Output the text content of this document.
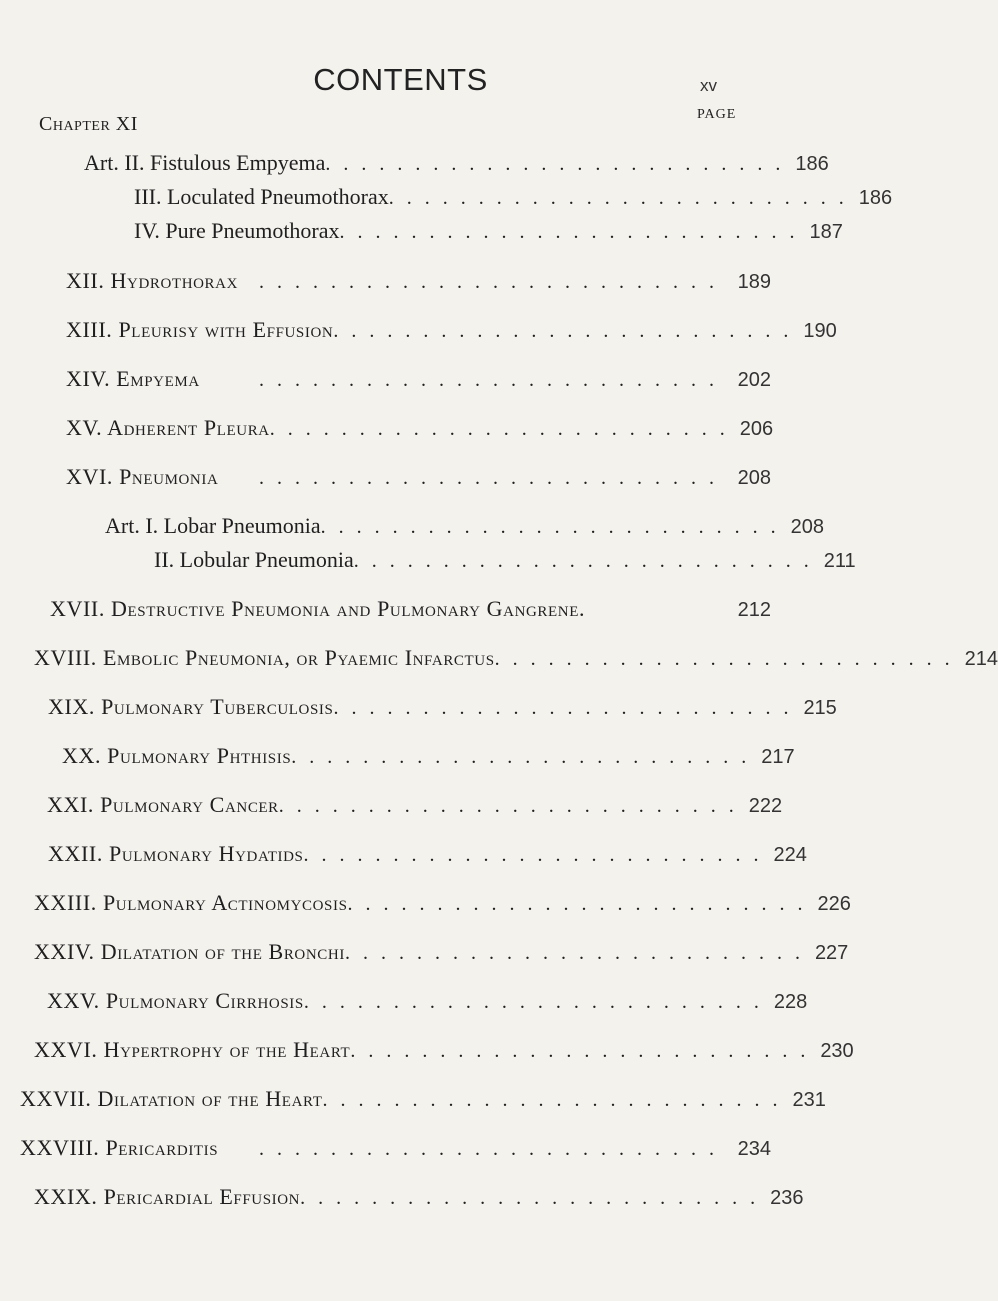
CONTENTS	xv
Chapter XI	PAGE
Art. II. Fistulous Empyema .......................... 186
III. Loculated Pneumothorax .......................... 186
IV. Pure Pneumothorax .......................... 187
XII. Hydrothorax	.......................... 189
XIII. Pleurisy with Effusion .......................... 190
XIV. Empyema	.......................... 202
XV. Adherent Pleura .......................... 206
XVI. Pneumonia	.......................... 208
Art. I. Lobar Pneumonia .......................... 208
II. Lobular Pneumonia .......................... 211
XVII. Destructive Pneumonia and Pulmonary Gangrene.	212
XVIII. Embolic Pneumonia, or Pyaemic Infarctus .......................... 214
XIX. Pulmonary Tuberculosis .......................... 215
XX. Pulmonary Phthisis .......................... 217
XXI. Pulmonary Cancer .......................... 222
XXII. Pulmonary Hydatids .......................... 224
XXIII. Pulmonary Actinomycosis .......................... 226
XXIV. Dilatation of the Bronchi .......................... 227
XXV. Pulmonary Cirrhosis .......................... 228
XXVI. Hypertrophy of the Heart .......................... 230
XXVII. Dilatation of the Heart .......................... 231
XXVIII. Pericarditis	.......................... 234
XXIX. Pericardial Effusion .......................... 236
